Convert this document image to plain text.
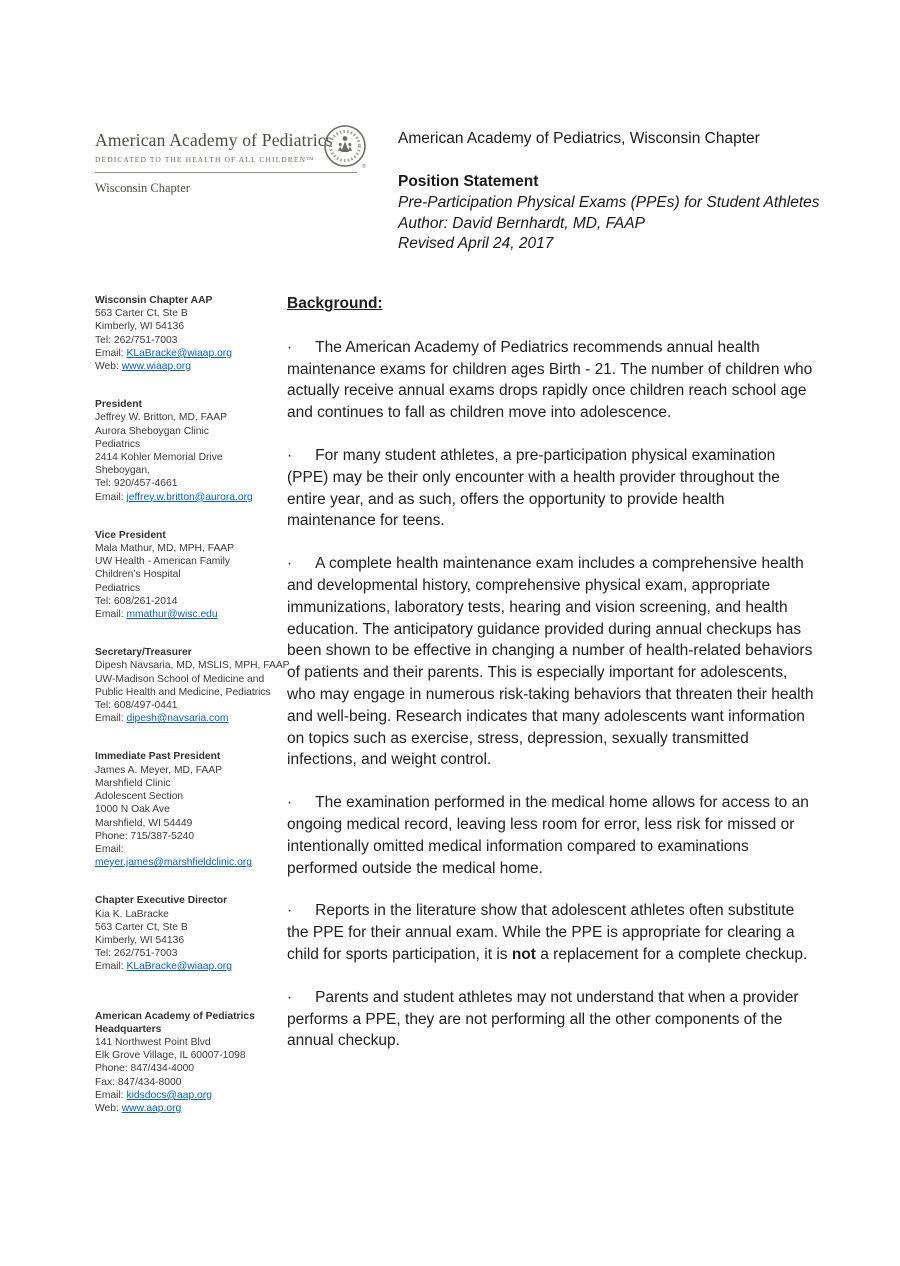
American Academy of Pediatrics
DEDICATED TO THE HEALTH OF ALL CHILDREN™
®
Wisconsin Chapter
American Academy of Pediatrics, Wisconsin Chapter
Position Statement
Pre-Participation Physical Exams (PPEs) for Student Athletes
Author: David Bernhardt, MD, FAAP
Revised April 24, 2017
Wisconsin Chapter AAP
563 Carter Ct, Ste B
Kimberly, WI 54136
Tel: 262/751-7003
Email: KLaBracke@wiaap.org
Web: www.wiaap.org
President
Jeffrey W. Britton, MD, FAAP
Aurora Sheboygan Clinic
Pediatrics
2414 Kohler Memorial Drive
Sheboygan,
Tel: 920/457-4661
Email: jeffrey.w.britton@aurora.org
Vice President
Mala Mathur, MD, MPH, FAAP
UW Health - American Family
Children’s Hospital
Pediatrics
Tel: 608/261-2014
Email: mmathur@wisc.edu
Secretary/Treasurer
Dipesh Navsaria, MD, MSLIS, MPH, FAAP
UW-Madison School of Medicine and
Public Health and Medicine, Pediatrics
Tel: 608/497-0441
Email: dipesh@navsaria.com
Immediate Past President
James A. Meyer, MD, FAAP
Marshfield Clinic
Adolescent Section
1000 N Oak Ave
Marshfield, WI 54449
Phone: 715/387-5240
Email:
meyer.james@marshfieldclinic.org
Chapter Executive Director
Kia K. LaBracke
563 Carter Ct, Ste B
Kimberly, WI 54136
Tel: 262/751-7003
Email: KLaBracke@wiaap.org
American Academy of Pediatrics Headquarters
141 Northwest Point Blvd
Elk Grove Village, IL 60007-1098
Phone: 847/434-4000
Fax: 847/434-8000
Email: kidsdocs@aap.org
Web: www.aap.org
Background:
· The American Academy of Pediatrics recommends annual health maintenance exams for children ages Birth - 21. The number of children who actually receive annual exams drops rapidly once children reach school age and continues to fall as children move into adolescence.
· For many student athletes, a pre-participation physical examination (PPE) may be their only encounter with a health provider throughout the entire year, and as such, offers the opportunity to provide health maintenance for teens.
· A complete health maintenance exam includes a comprehensive health and developmental history, comprehensive physical exam, appropriate immunizations, laboratory tests, hearing and vision screening, and health education. The anticipatory guidance provided during annual checkups has been shown to be effective in changing a number of health-related behaviors of patients and their parents. This is especially important for adolescents, who may engage in numerous risk-taking behaviors that threaten their health and well-being. Research indicates that many adolescents want information on topics such as exercise, stress, depression, sexually transmitted infections, and weight control.
· The examination performed in the medical home allows for access to an ongoing medical record, leaving less room for error, less risk for missed or intentionally omitted medical information compared to examinations performed outside the medical home.
· Reports in the literature show that adolescent athletes often substitute the PPE for their annual exam. While the PPE is appropriate for clearing a child for sports participation, it is not a replacement for a complete checkup.
· Parents and student athletes may not understand that when a provider performs a PPE, they are not performing all the other components of the annual checkup.
